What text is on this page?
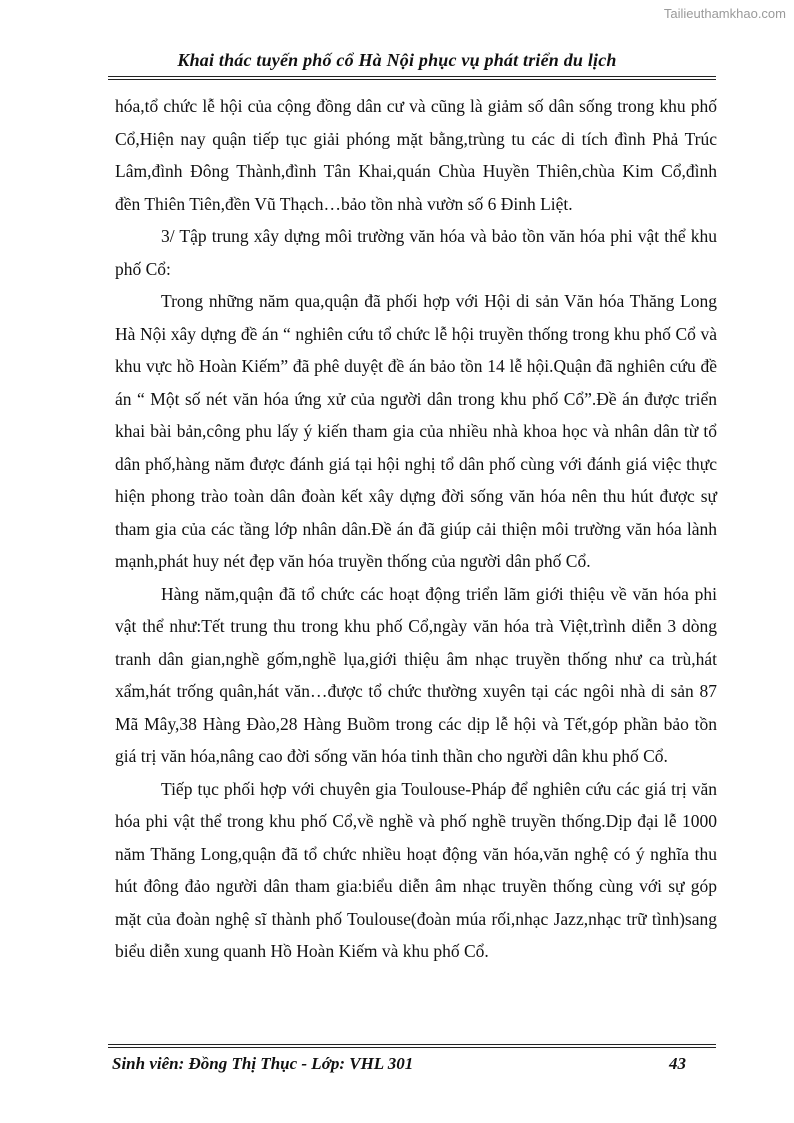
Tailieuthamkhao.com
Khai thác tuyến phố cổ Hà Nội phục vụ phát triển du lịch

hóa,tổ chức lễ hội của cộng đồng dân cư và cũng là giảm số dân sống trong khu phố Cổ,Hiện nay quận tiếp tục giải phóng mặt bằng,trùng tu các di tích đình Phả Trúc Lâm,đình Đông Thành,đình Tân Khai,quán Chùa Huyền Thiên,chùa Kim Cổ,đình đền Thiên Tiên,đền Vũ Thạch…bảo tồn nhà vườn số 6 Đinh Liệt.

3/ Tập trung xây dựng môi trường văn hóa và bảo tồn văn hóa phi vật thể khu phố Cổ:

Trong những năm qua,quận đã phối hợp với Hội di sản Văn hóa Thăng Long Hà Nội xây dựng đề án “ nghiên cứu tổ chức lễ hội truyền thống trong khu phố Cổ và khu vực hồ Hoàn Kiếm” đã phê duyệt đề án bảo tồn 14 lễ hội.Quận đã nghiên cứu đề án “ Một số nét văn hóa ứng xử của người dân trong khu phố Cổ”.Đề án được triển khai bài bản,công phu lấy ý kiến tham gia của nhiều nhà khoa học và nhân dân từ tổ dân phố,hàng năm được đánh giá tại hội nghị tổ dân phố cùng với đánh giá việc thực hiện phong trào toàn dân đoàn kết xây dựng đời sống văn hóa nên thu hút được sự tham gia của các tầng lớp nhân dân.Đề án đã giúp cải thiện môi trường văn hóa lành mạnh,phát huy nét đẹp văn hóa truyền thống của người dân phố Cổ.

Hàng năm,quận đã tổ chức các hoạt động triển lãm giới thiệu về văn hóa phi vật thể như:Tết trung thu trong khu phố Cổ,ngày văn hóa trà Việt,trình diễn 3 dòng tranh dân gian,nghề gốm,nghề lụa,giới thiệu âm nhạc truyền thống như ca trù,hát xẩm,hát trống quân,hát văn…được tổ chức thường xuyên tại các ngôi nhà di sản 87 Mã Mây,38 Hàng Đào,28 Hàng Buồm trong các dịp lễ hội và Tết,góp phần bảo tồn giá trị văn hóa,nâng cao đời sống văn hóa tinh thần cho người dân khu phố Cổ.

Tiếp tục phối hợp với chuyên gia Toulouse-Pháp để nghiên cứu các giá trị văn hóa phi vật thể trong khu phố Cổ,về nghề và phố nghề truyền thống.Dịp đại lễ 1000 năm Thăng Long,quận đã tổ chức nhiều hoạt động văn hóa,văn nghệ có ý nghĩa thu hút đông đảo người dân tham gia:biểu diễn âm nhạc truyền thống cùng với sự góp mặt của đoàn nghệ sĩ thành phố Toulouse(đoàn múa rối,nhạc Jazz,nhạc trữ tình)sang biểu diễn xung quanh Hồ Hoàn Kiếm và khu phố Cổ.

Sinh viên: Đồng Thị Thục - Lớp: VHL 301	43
